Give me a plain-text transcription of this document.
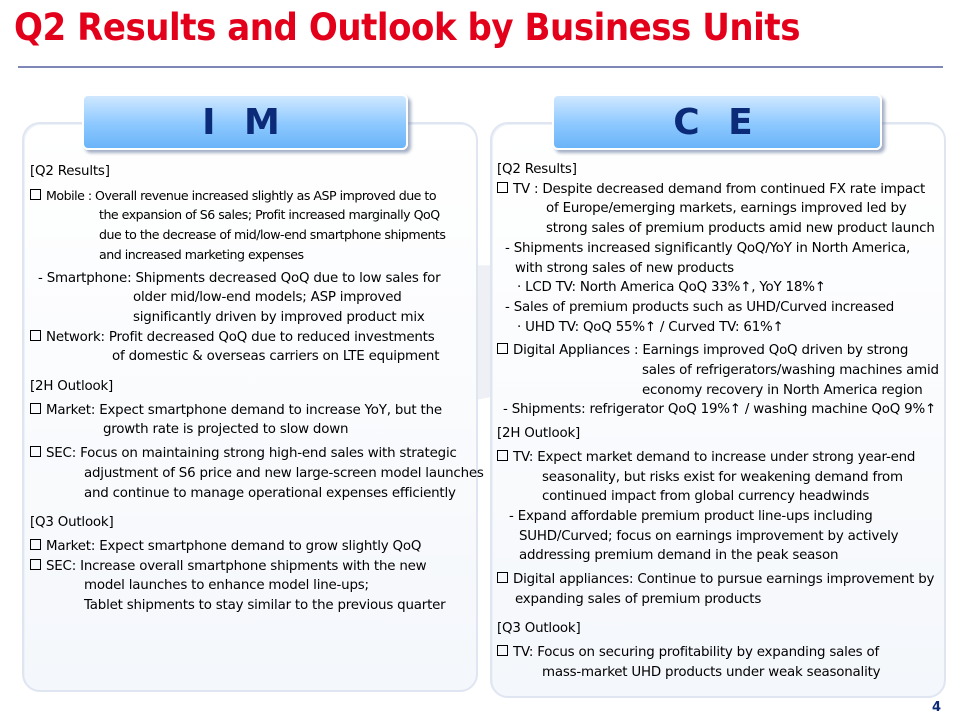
Q2 Results and Outlook by Business Units
I M	C E
[Q2 Results]
Mobile : Overall revenue increased slightly as ASP improved due to
the expansion of S6 sales; Profit increased marginally QoQ
due to the decrease of mid/low-end smartphone shipments
and increased marketing expenses
- Smartphone: Shipments decreased QoQ due to low sales for
older mid/low-end models; ASP improved
significantly driven by improved product mix
Network: Profit decreased QoQ due to reduced investments
of domestic & overseas carriers on LTE equipment
[2H Outlook]
Market: Expect smartphone demand to increase YoY, but the
growth rate is projected to slow down
SEC: Focus on maintaining strong high-end sales with strategic
adjustment of S6 price and new large-screen model launches
and continue to manage operational expenses efficiently
[Q3 Outlook]
Market: Expect smartphone demand to grow slightly QoQ
SEC: Increase overall smartphone shipments with the new
model launches to enhance model line-ups;
Tablet shipments to stay similar to the previous quarter
[Q2 Results]
TV : Despite decreased demand from continued FX rate impact
of Europe/emerging markets, earnings improved led by
strong sales of premium products amid new product launch
- Shipments increased significantly QoQ/YoY in North America,
with strong sales of new products
· LCD TV: North America QoQ 33%↑, YoY 18%↑
- Sales of premium products such as UHD/Curved increased
· UHD TV: QoQ 55%↑ / Curved TV: 61%↑
Digital Appliances : Earnings improved QoQ driven by strong
sales of refrigerators/washing machines amid
economy recovery in North America region
- Shipments: refrigerator QoQ 19%↑ / washing machine QoQ 9%↑
[2H Outlook]
TV: Expect market demand to increase under strong year-end
seasonality, but risks exist for weakening demand from
continued impact from global currency headwinds
- Expand affordable premium product line-ups including
SUHD/Curved; focus on earnings improvement by actively
addressing premium demand in the peak season
Digital appliances: Continue to pursue earnings improvement by
expanding sales of premium products
[Q3 Outlook]
TV: Focus on securing profitability by expanding sales of
mass-market UHD products under weak seasonality
4
